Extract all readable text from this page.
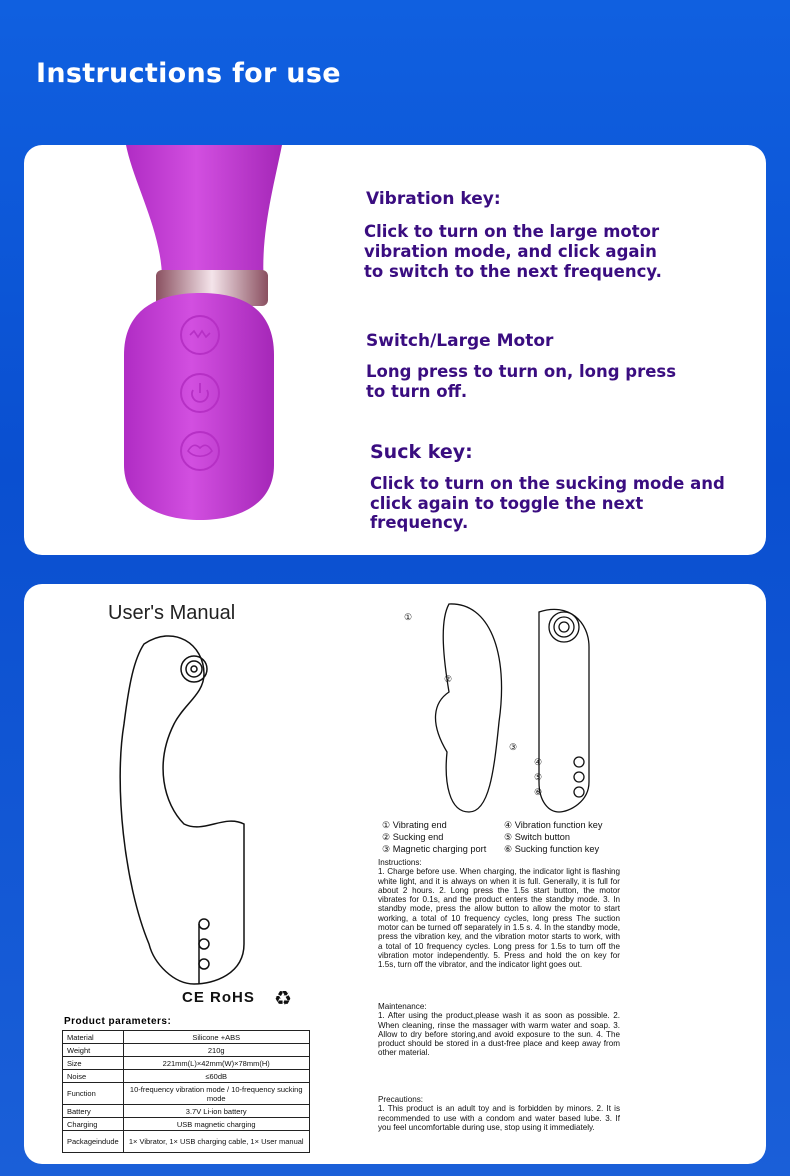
Instructions for use
Vibration key:
Click to turn on the large motor
vibration mode, and click again
to switch to the next frequency.
Switch/Large Motor
Long press to turn on, long press
to turn off.
Suck key:
Click to turn on the sucking mode and
click again to toggle the next
frequency.
User's Manual
CE RoHS ♻
Product parameters:
Material	Silicone +ABS
Weight	210g
Size	221mm(L)×42mm(W)×78mm(H)
Noise	≤60dB
Function	10-frequency vibration mode / 10-frequency sucking mode
Battery	3.7V Li-ion battery
Charging	USB magnetic charging
Packageindude	1× Vibrator, 1× USB charging cable, 1× User manual
①
②
③
④
⑤
⑥
① Vibrating end	④ Vibration function key
② Sucking end	⑤ Switch button
③ Magnetic charging port ⑥ Sucking function key
Instructions:
1. Charge before use. When charging, the indicator light is flashing white light, and it is always on when it is full. Generally, it is full for about 2 hours. 2. Long press the 1.5s start button, the motor vibrates for 0.1s, and the product enters the standby mode. 3. In standby mode, press the allow button to allow the motor to start working, a total of 10 frequency cycles, long press The suction motor can be turned off separately in 1.5 s. 4. In the standby mode, press the vibration key, and the vibration motor starts to work, with a total of 10 frequency cycles. Long press for 1.5s to turn off the vibration motor independently. 5. Press and hold the on key for 1.5s, turn off the vibrator, and the indicator light goes out.
Maintenance:
1. After using the product,please wash it as soon as possible. 2. When cleaning, rinse the massager with warm water and soap. 3. Allow to dry before storing,and avoid exposure to the sun. 4. The product should be stored in a dust-free place and keep away from other material.
Precautions:
1. This product is an adult toy and is forbidden by minors. 2. It is recommended to use with a condom and water based lube. 3. If you feel uncomfortable during use, stop using it immediately.
